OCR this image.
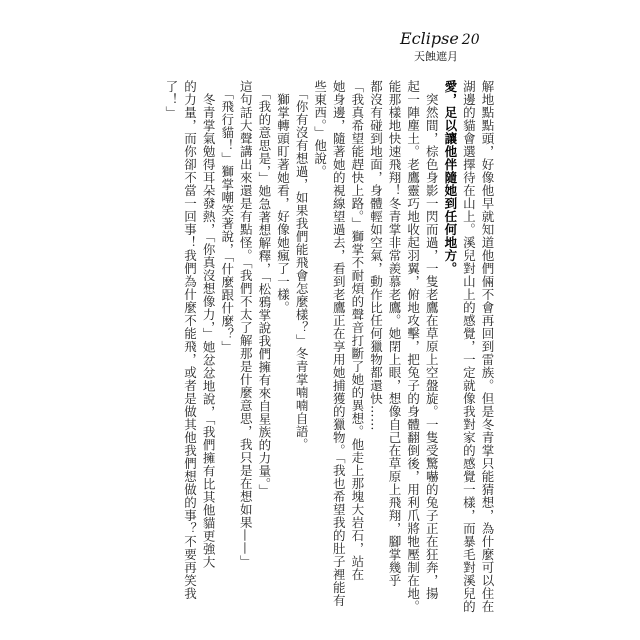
Eclipse 20
天蝕遮月
解地點點頭，好像他早就知道他們倆不會再回到雷族。但是冬青掌只能猜想，為什麼可以住在
湖邊的貓會選擇待在山上。溪兒對山上的感覺，一定就像我對家的感覺一樣，而暴毛對溪兒的
愛，足以讓他伴隨她到任何地方。
　突然間，棕色身影一閃而過，一隻老鷹在草原上空盤旋。一隻受驚嚇的兔子正在狂奔，揚
起一陣塵土。老鷹靈巧地收起羽翼，俯地攻擊，把兔子的身體翻倒後，用利爪將牠壓制在地。
能那樣地快速飛翔！冬青掌非常羨慕老鷹。她閉上眼，想像自己在草原上飛翔，腳掌幾乎
都沒有碰到地面，身體輕如空氣，動作比任何獵物都還快……
「我真希望能趕快上路。」獅掌不耐煩的聲音打斷了她的異想。他走上那塊大岩石，站在
她身邊，隨著她的視線望過去，看到老鷹正在享用她捕獲的獵物。「我也希望我的肚子裡能有
些東西。」他說。
　「你有沒有想過，如果我們能飛會怎麼樣？」冬青掌喃喃自語。
　獅掌轉頭盯著她看，好像她瘋了一樣。
　「我的意思是，」她急著想解釋，「松鴉掌說我們擁有來自星族的力量。」
這句話大聲講出來還是有點怪。「我們不太了解那是什麼意思，我只是在想如果——」
　「飛行貓！」獅掌嘲笑著說，「什麼跟什麼？」
　冬青掌氣勉得耳朵發熱，「你真沒想像力，」她忿忿地說，「我們擁有比其他貓更強大
的力量，而你卻不當一回事！我們為什麼不能飛，或者是做其他我們想做的事？不要再笑我
了！」
